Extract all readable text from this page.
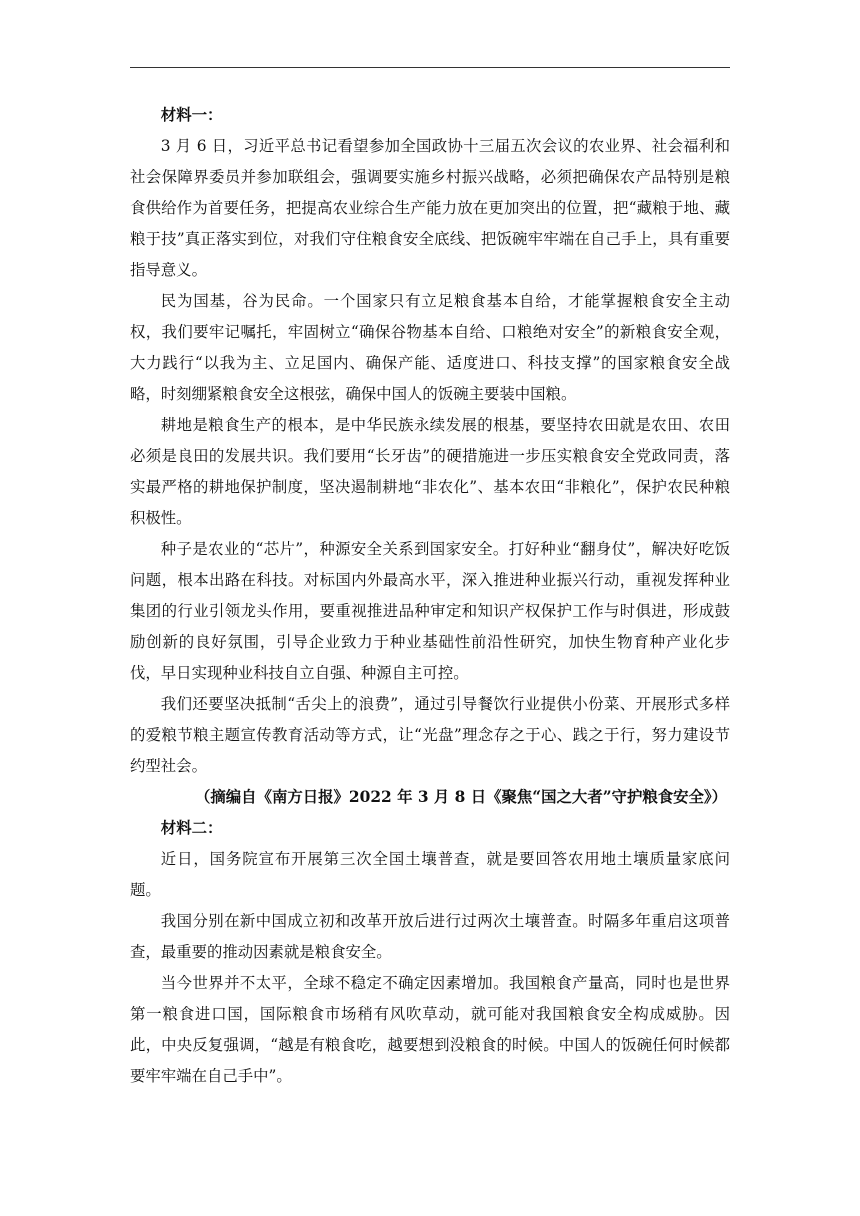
材料一：

3 月 6 日，习近平总书记看望参加全国政协十三届五次会议的农业界、社会福利和社会保障界委员并参加联组会，强调要实施乡村振兴战略，必须把确保农产品特别是粮食供给作为首要任务，把提高农业综合生产能力放在更加突出的位置，把“藏粮于地、藏粮于技”真正落实到位，对我们守住粮食安全底线、把饭碗牢牢端在自己手上，具有重要指导意义。

民为国基，谷为民命。一个国家只有立足粮食基本自给，才能掌握粮食安全主动权，我们要牢记嘱托，牢固树立“确保谷物基本自给、口粮绝对安全”的新粮食安全观，大力践行“以我为主、立足国内、确保产能、适度进口、科技支撑”的国家粮食安全战略，时刻绷紧粮食安全这根弦，确保中国人的饭碗主要装中国粮。

耕地是粮食生产的根本，是中华民族永续发展的根基，要坚持农田就是农田、农田必须是良田的发展共识。我们要用“长牙齿”的硬措施进一步压实粮食安全党政同责，落实最严格的耕地保护制度，坚决遏制耕地“非农化”、基本农田“非粮化”，保护农民种粮积极性。

种子是农业的“芯片”，种源安全关系到国家安全。打好种业“翻身仗”，解决好吃饭问题，根本出路在科技。对标国内外最高水平，深入推进种业振兴行动，重视发挥种业集团的行业引领龙头作用，要重视推进品种审定和知识产权保护工作与时俱进，形成鼓励创新的良好氛围，引导企业致力于种业基础性前沿性研究，加快生物育种产业化步伐，早日实现种业科技自立自强、种源自主可控。

我们还要坚决抵制“舌尖上的浪费”，通过引导餐饮行业提供小份菜、开展形式多样的爱粮节粮主题宣传教育活动等方式，让“光盘”理念存之于心、践之于行，努力建设节约型社会。

（摘编自《南方日报》2022 年 3 月 8 日《聚焦“国之大者”守护粮食安全》）

材料二：

近日，国务院宣布开展第三次全国土壤普查，就是要回答农用地土壤质量家底问题。

我国分别在新中国成立初和改革开放后进行过两次土壤普查。时隔多年重启这项普查，最重要的推动因素就是粮食安全。

当今世界并不太平，全球不稳定不确定因素增加。我国粮食产量高，同时也是世界第一粮食进口国，国际粮食市场稍有风吹草动，就可能对我国粮食安全构成威胁。因此，中央反复强调，“越是有粮食吃，越要想到没粮食的时候。中国人的饭碗任何时候都要牢牢端在自己手中”。
